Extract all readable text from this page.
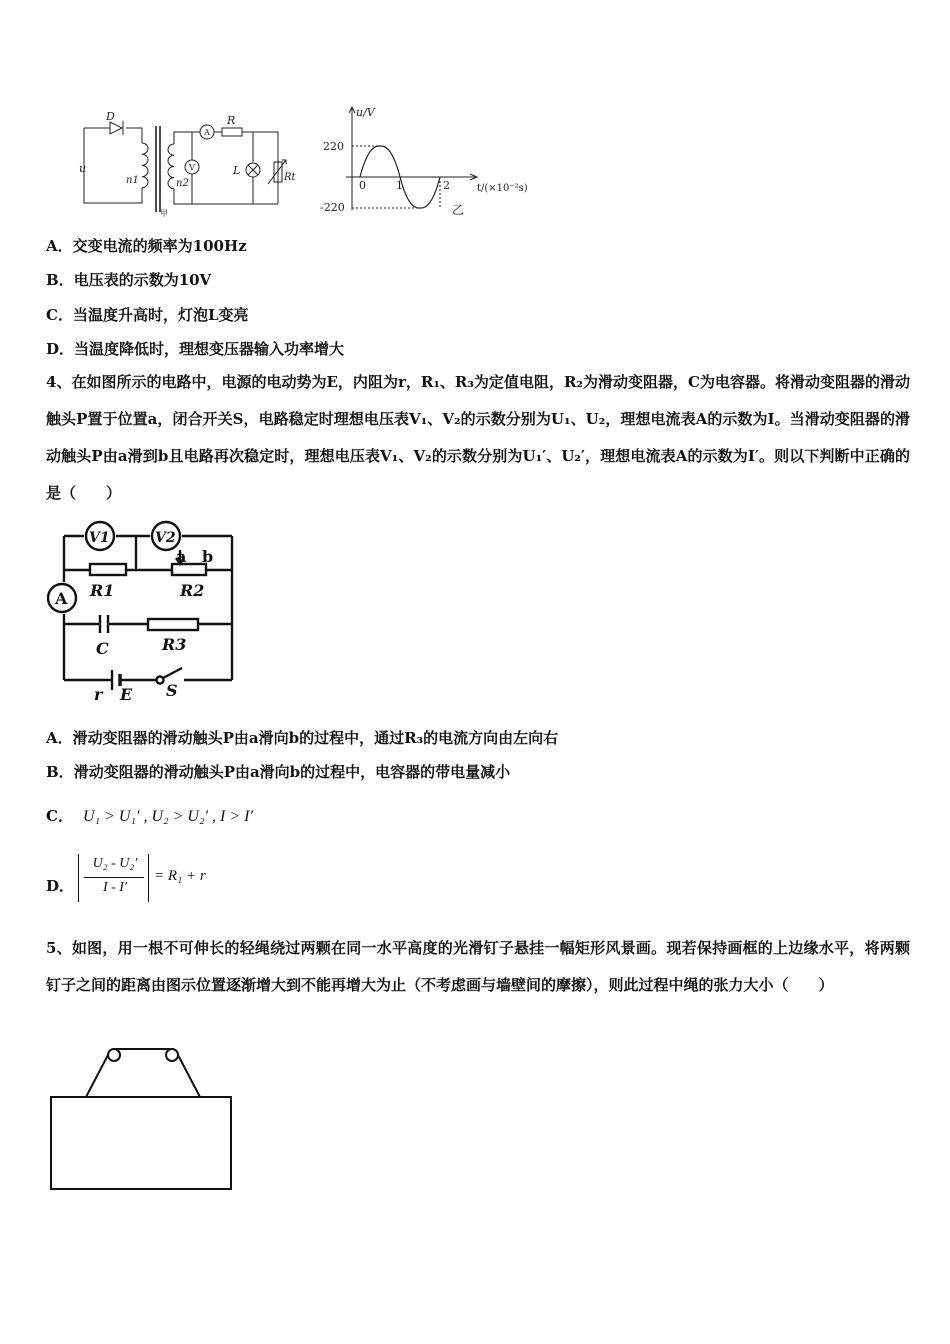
D
u
n1	n2
R
L
Rt
A
V
甲
u/V
220
-220
0	1	2	t/(×10⁻²s)
乙
A．交变电流的频率为100Hz
B．电压表的示数为10V
C．当温度升高时，灯泡L变亮
D．当温度降低时，理想变压器输入功率增大
4、在如图所示的电路中，电源的电动势为E，内阻为r，R₁、R₃为定值电阻，R₂为滑动变阻器，C为电容器。将滑动变阻器的滑动触头P置于位置a，闭合开关S，电路稳定时理想电压表V₁、V₂的示数分别为U₁、U₂，理想电流表A的示数为I。当滑动变阻器的滑动触头P由a滑到b且电路再次稳定时，理想电压表V₁、V₂的示数分别为U₁′、U₂′，理想电流表A的示数为I′。则以下判断中正确的是（　　）
V1	V2
A
a b
R1	R2
C	R3
r E S
A．滑动变阻器的滑动触头P由a滑向b的过程中，通过R₃的电流方向由左向右
B．滑动变阻器的滑动触头P由a滑向b的过程中，电容器的带电量减小
C． U₁ > U₁′ , U₂ > U₂′ , I > I′
D．
U₂ - U₂′
I - I′
= R₁ + r
5、如图，用一根不可伸长的轻绳绕过两颗在同一水平高度的光滑钉子悬挂一幅矩形风景画。现若保持画框的上边缘水平，将两颗钉子之间的距离由图示位置逐渐增大到不能再增大为止（不考虑画与墙壁间的摩擦），则此过程中绳的张力大小（　　）
